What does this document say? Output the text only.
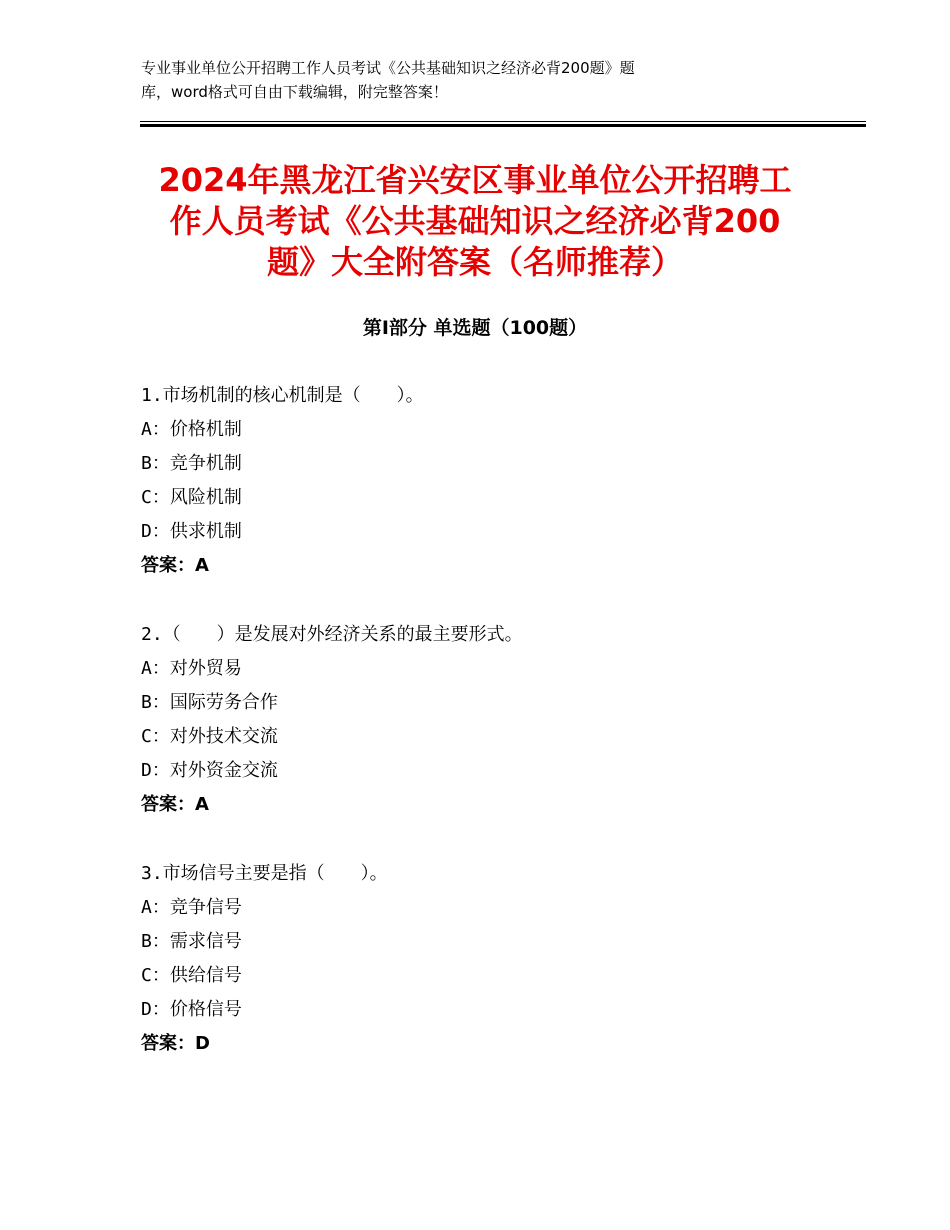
专业事业单位公开招聘工作人员考试《公共基础知识之经济必背200题》题
库，word格式可自由下载编辑，附完整答案！
2024年黑龙江省兴安区事业单位公开招聘工
作人员考试《公共基础知识之经济必背200
题》大全附答案（名师推荐）
第Ⅰ部分 单选题（100题）
1.市场机制的核心机制是（　　）。
A：价格机制
B：竞争机制
C：风险机制
D：供求机制
答案：A
2.（　　）是发展对外经济关系的最主要形式。
A：对外贸易
B：国际劳务合作
C：对外技术交流
D：对外资金交流
答案：A
3.市场信号主要是指（　　）。
A：竞争信号
B：需求信号
C：供给信号
D：价格信号
答案：D
